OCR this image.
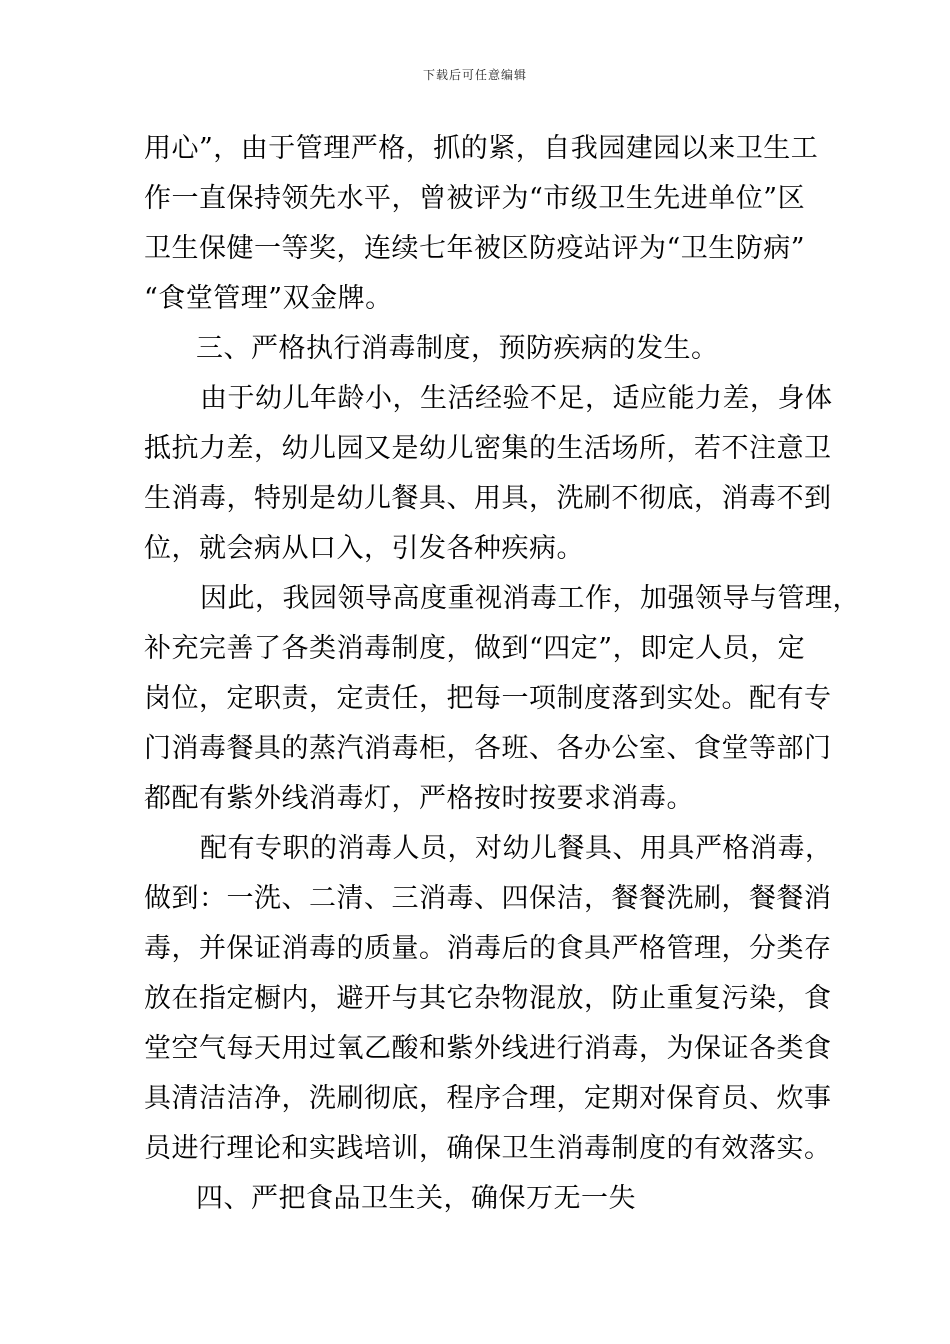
下载后可任意编辑
用心”，由于管理严格，抓的紧，自我园建园以来卫生工
作一直保持领先水平，曾被评为“市级卫生先进单位”区
卫生保健一等奖，连续七年被区防疫站评为“卫生防病”
“食堂管理”双金牌。
三、严格执行消毒制度，预防疾病的发生。
由于幼儿年龄小，生活经验不足，适应能力差，身体
抵抗力差，幼儿园又是幼儿密集的生活场所，若不注意卫
生消毒，特别是幼儿餐具、用具，洗刷不彻底，消毒不到
位，就会病从口入，引发各种疾病。
因此，我园领导高度重视消毒工作，加强领导与管理，
补充完善了各类消毒制度，做到“四定”，即定人员，定
岗位，定职责，定责任，把每一项制度落到实处。配有专
门消毒餐具的蒸汽消毒柜，各班、各办公室、食堂等部门
都配有紫外线消毒灯，严格按时按要求消毒。
配有专职的消毒人员，对幼儿餐具、用具严格消毒，
做到：一洗、二清、三消毒、四保洁，餐餐洗刷，餐餐消
毒，并保证消毒的质量。消毒后的食具严格管理，分类存
放在指定橱内，避开与其它杂物混放，防止重复污染，食
堂空气每天用过氧乙酸和紫外线进行消毒，为保证各类食
具清洁洁净，洗刷彻底，程序合理，定期对保育员、炊事
员进行理论和实践培训，确保卫生消毒制度的有效落实。
四、严把食品卫生关，确保万无一失
